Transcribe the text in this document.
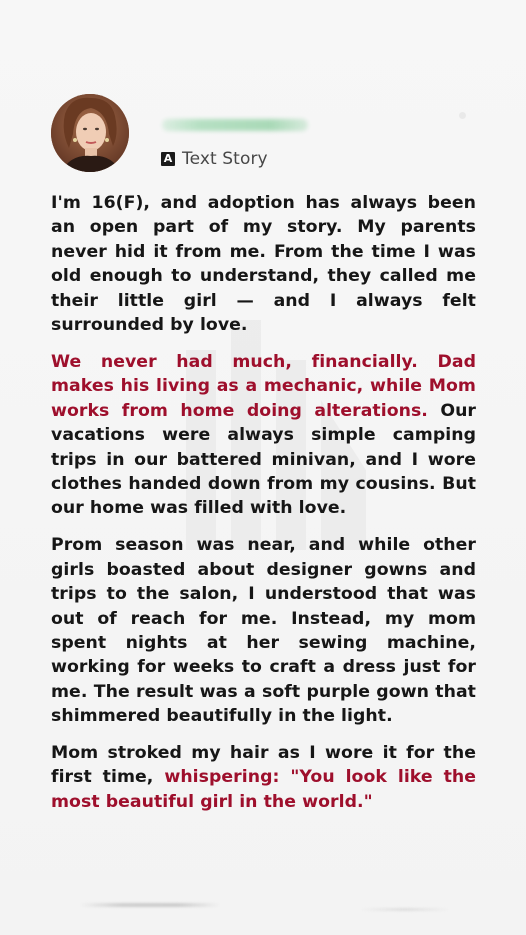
A Text Story

I'm 16(F), and adoption has always been an open part of my story. My parents never hid it from me. From the time I was old enough to understand, they called me their little girl — and I always felt surrounded by love.

We never had much, financially. Dad makes his living as a mechanic, while Mom works from home doing alterations. Our vacations were always simple camping trips in our battered minivan, and I wore clothes handed down from my cousins. But our home was filled with love.

Prom season was near, and while other girls boasted about designer gowns and trips to the salon, I understood that was out of reach for me. Instead, my mom spent nights at her sewing machine, working for weeks to craft a dress just for me. The result was a soft purple gown that shimmered beautifully in the light.

Mom stroked my hair as I wore it for the first time, whispering: "You look like the most beautiful girl in the world."
